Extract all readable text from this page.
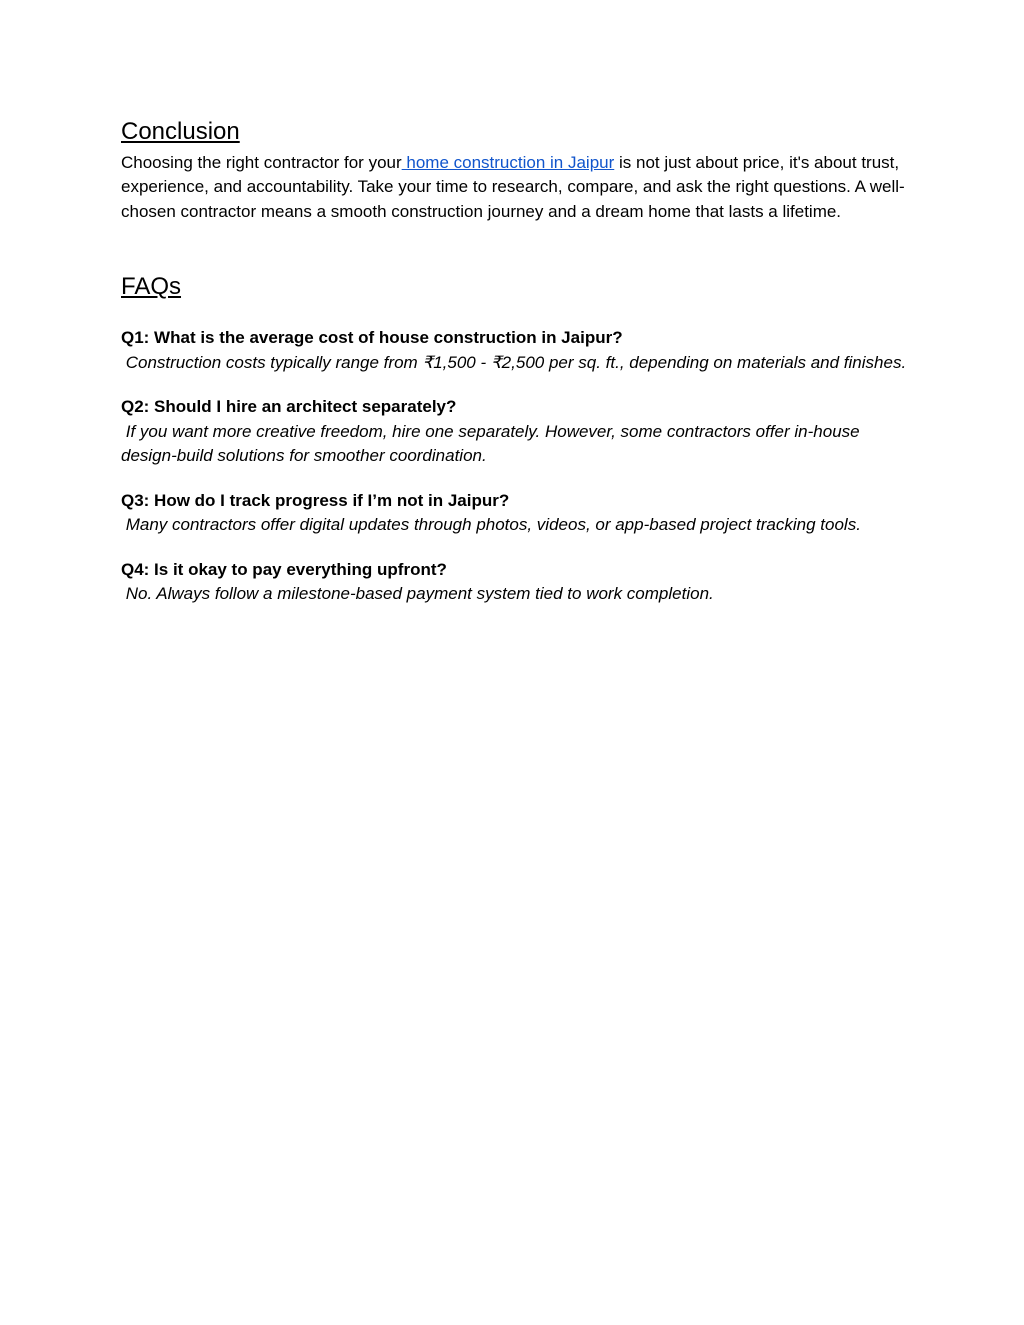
Conclusion

Choosing the right contractor for your home construction in Jaipur is not just about price, it's about trust, experience, and accountability. Take your time to research, compare, and ask the right questions. A well-chosen contractor means a smooth construction journey and a dream home that lasts a lifetime.

FAQs

Q1: What is the average cost of house construction in Jaipur?

Construction costs typically range from ₹1,500 - ₹2,500 per sq. ft., depending on materials and finishes.

Q2: Should I hire an architect separately?

If you want more creative freedom, hire one separately. However, some contractors offer in-house design-build solutions for smoother coordination.

Q3: How do I track progress if I’m not in Jaipur?

Many contractors offer digital updates through photos, videos, or app-based project tracking tools.

Q4: Is it okay to pay everything upfront?

No. Always follow a milestone-based payment system tied to work completion.
